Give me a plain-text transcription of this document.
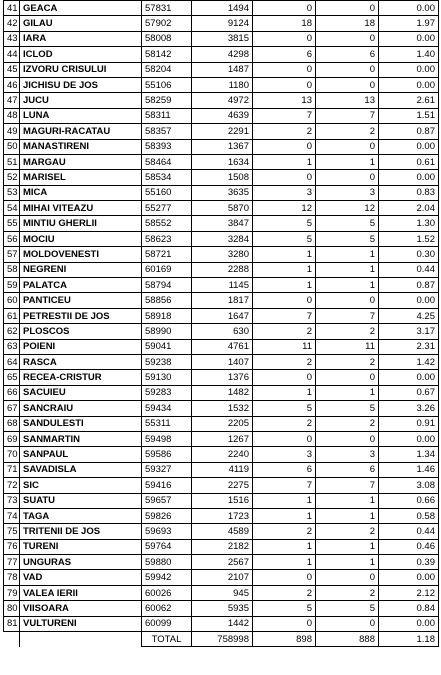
41	GEACA	57831	1494	0	0	0.00
42	GILAU	57902	9124	18	18	1.97
43	IARA	58008	3815	0	0	0.00
44	ICLOD	58142	4298	6	6	1.40
45	IZVORU CRISULUI	58204	1487	0	0	0.00
46	JICHISU DE JOS	55106	1180	0	0	0.00
47	JUCU	58259	4972	13	13	2.61
48	LUNA	58311	4639	7	7	1.51
49	MAGURI-RACATAU	58357	2291	2	2	0.87
50	MANASTIRENI	58393	1367	0	0	0.00
51	MARGAU	58464	1634	1	1	0.61
52	MARISEL	58534	1508	0	0	0.00
53	MICA	55160	3635	3	3	0.83
54	MIHAI VITEAZU	55277	5870	12	12	2.04
55	MINTIU GHERLII	58552	3847	5	5	1.30
56	MOCIU	58623	3284	5	5	1.52
57	MOLDOVENESTI	58721	3280	1	1	0.30
58	NEGRENI	60169	2288	1	1	0.44
59	PALATCA	58794	1145	1	1	0.87
60	PANTICEU	58856	1817	0	0	0.00
61	PETRESTII DE JOS	58918	1647	7	7	4.25
62	PLOSCOS	58990	630	2	2	3.17
63	POIENI	59041	4761	11	11	2.31
64	RASCA	59238	1407	2	2	1.42
65	RECEA-CRISTUR	59130	1376	0	0	0.00
66	SACUIEU	59283	1482	1	1	0.67
67	SANCRAIU	59434	1532	5	5	3.26
68	SANDULESTI	55311	2205	2	2	0.91
69	SANMARTIN	59498	1267	0	0	0.00
70	SANPAUL	59586	2240	3	3	1.34
71	SAVADISLA	59327	4119	6	6	1.46
72	SIC	59416	2275	7	7	3.08
73	SUATU	59657	1516	1	1	0.66
74	TAGA	59826	1723	1	1	0.58
75	TRITENII DE JOS	59693	4589	2	2	0.44
76	TURENI	59764	2182	1	1	0.46
77	UNGURAS	59880	2567	1	1	0.39
78	VAD	59942	2107	0	0	0.00
79	VALEA IERII	60026	945	2	2	2.12
80	VIISOARA	60062	5935	5	5	0.84
81	VULTURENI	60099	1442	0	0	0.00
		TOTAL	758998	898	888	1.18
